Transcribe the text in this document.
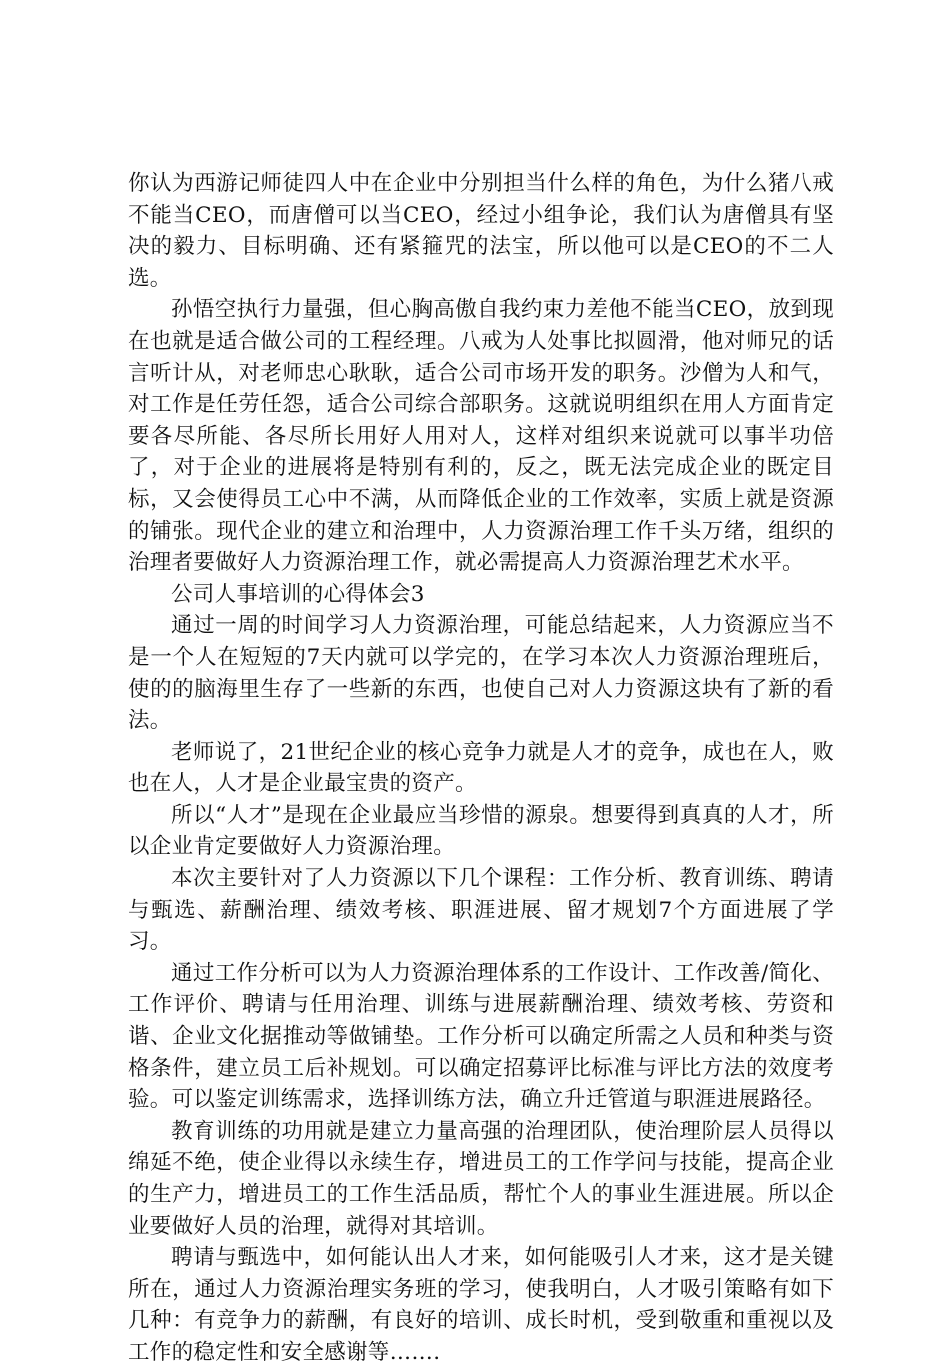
你认为西游记师徒四人中在企业中分别担当什么样的角色，为什么猪八戒不能当CEO，而唐僧可以当CEO，经过小组争论，我们认为唐僧具有坚决的毅力、目标明确、还有紧箍咒的法宝，所以他可以是CEO的不二人选。

孙悟空执行力量强，但心胸高傲自我约束力差他不能当CEO，放到现在也就是适合做公司的工程经理。八戒为人处事比拟圆滑，他对师兄的话言听计从，对老师忠心耿耿，适合公司市场开发的职务。沙僧为人和气，对工作是任劳任怨，适合公司综合部职务。这就说明组织在用人方面肯定要各尽所能、各尽所长用好人用对人，这样对组织来说就可以事半功倍了，对于企业的进展将是特别有利的，反之，既无法完成企业的既定目标，又会使得员工心中不满，从而降低企业的工作效率，实质上就是资源的铺张。现代企业的建立和治理中，人力资源治理工作千头万绪，组织的治理者要做好人力资源治理工作，就必需提高人力资源治理艺术水平。

公司人事培训的心得体会3

通过一周的时间学习人力资源治理，可能总结起来，人力资源应当不是一个人在短短的7天内就可以学完的，在学习本次人力资源治理班后，使的的脑海里生存了一些新的东西，也使自己对人力资源这块有了新的看法。

老师说了，21世纪企业的核心竞争力就是人才的竞争，成也在人，败也在人，人才是企业最宝贵的资产。

所以“人才”是现在企业最应当珍惜的源泉。想要得到真真的人才，所以企业肯定要做好人力资源治理。

本次主要针对了人力资源以下几个课程：工作分析、教育训练、聘请与甄选、薪酬治理、绩效考核、职涯进展、留才规划7个方面进展了学习。

通过工作分析可以为人力资源治理体系的工作设计、工作改善/简化、工作评价、聘请与任用治理、训练与进展薪酬治理、绩效考核、劳资和谐、企业文化据推动等做铺垫。工作分析可以确定所需之人员和种类与资格条件，建立员工后补规划。可以确定招募评比标准与评比方法的效度考验。可以鉴定训练需求，选择训练方法，确立升迁管道与职涯进展路径。

教育训练的功用就是建立力量高强的治理团队，使治理阶层人员得以绵延不绝，使企业得以永续生存，增进员工的工作学问与技能，提高企业的生产力，增进员工的工作生活品质，帮忙个人的事业生涯进展。所以企业要做好人员的治理，就得对其培训。

聘请与甄选中，如何能认出人才来，如何能吸引人才来，这才是关键所在，通过人力资源治理实务班的学习，使我明白，人才吸引策略有如下几种：有竞争力的薪酬，有良好的培训、成长时机，受到敬重和重视以及工作的稳定性和安全感谢等…….
